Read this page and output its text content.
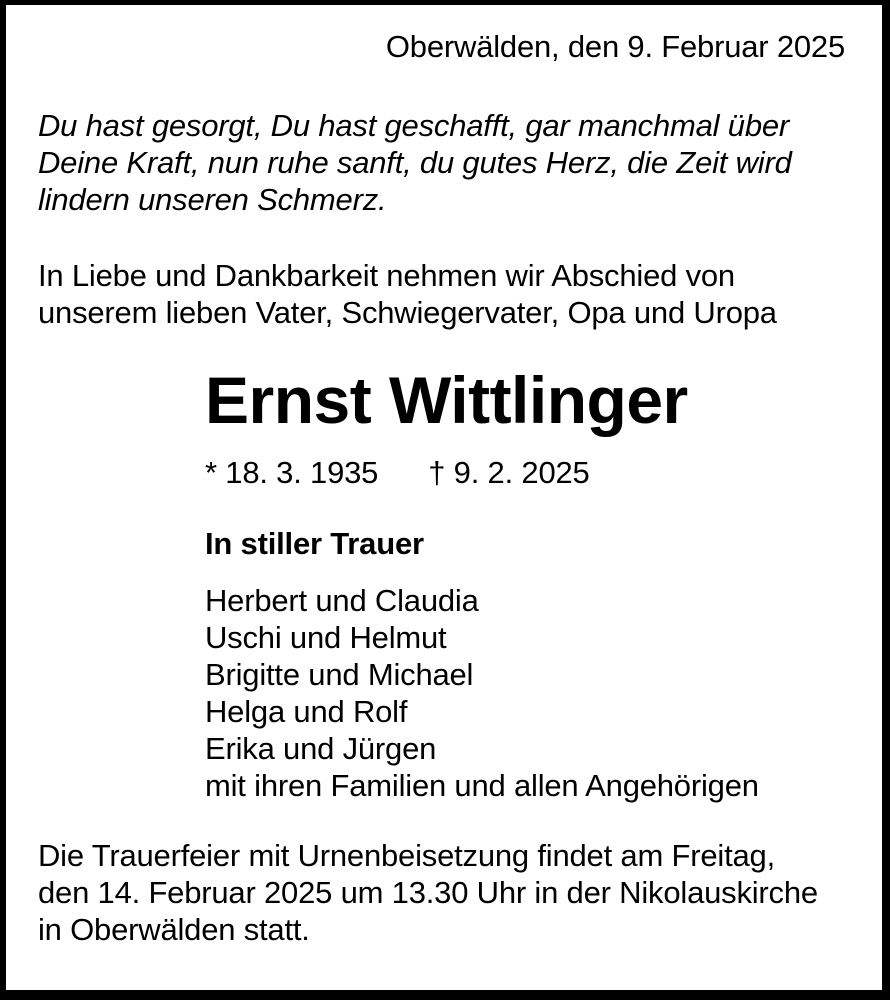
Oberwälden, den 9. Februar 2025
Du hast gesorgt, Du hast geschafft, gar manchmal über
Deine Kraft, nun ruhe sanft, du gutes Herz, die Zeit wird
lindern unseren Schmerz.
In Liebe und Dankbarkeit nehmen wir Abschied von
unserem lieben Vater, Schwiegervater, Opa und Uropa
Ernst Wittlinger
* 18. 3. 1935 † 9. 2. 2025
In stiller Trauer
Herbert und Claudia
Uschi und Helmut
Brigitte und Michael
Helga und Rolf
Erika und Jürgen
mit ihren Familien und allen Angehörigen
Die Trauerfeier mit Urnenbeisetzung findet am Freitag,
den 14. Februar 2025 um 13.30 Uhr in der Nikolauskirche
in Oberwälden statt.
